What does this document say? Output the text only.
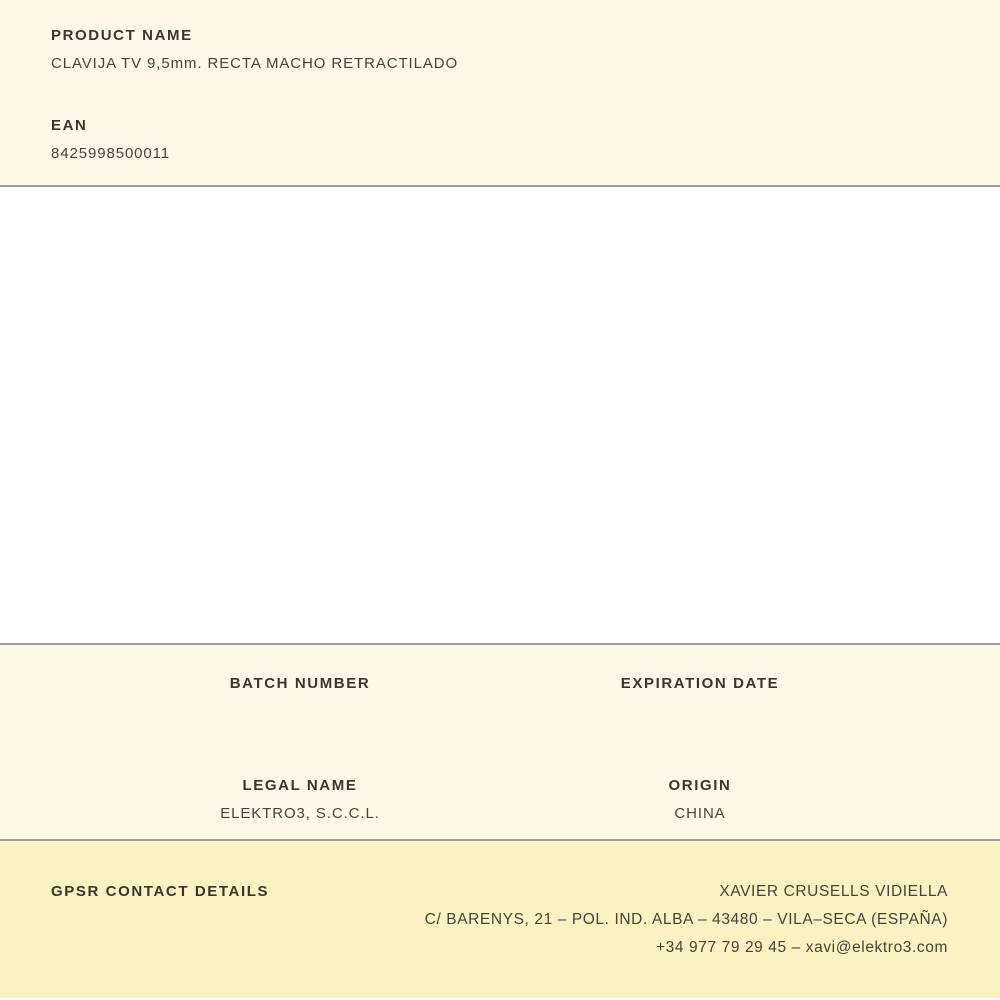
PRODUCT NAME
CLAVIJA TV 9,5mm. RECTA MACHO RETRACTILADO
EAN
8425998500011
BATCH NUMBER	EXPIRATION DATE
LEGAL NAME
ELEKTRO3, S.C.C.L.
ORIGIN
CHINA
GPSR CONTACT DETAILS	XAVIER CRUSELLS VIDIELLA
C/ BARENYS, 21 – POL. IND. ALBA – 43480 – VILA–SECA (ESPAÑA)
+34 977 79 29 45 – xavi@elektro3.com
